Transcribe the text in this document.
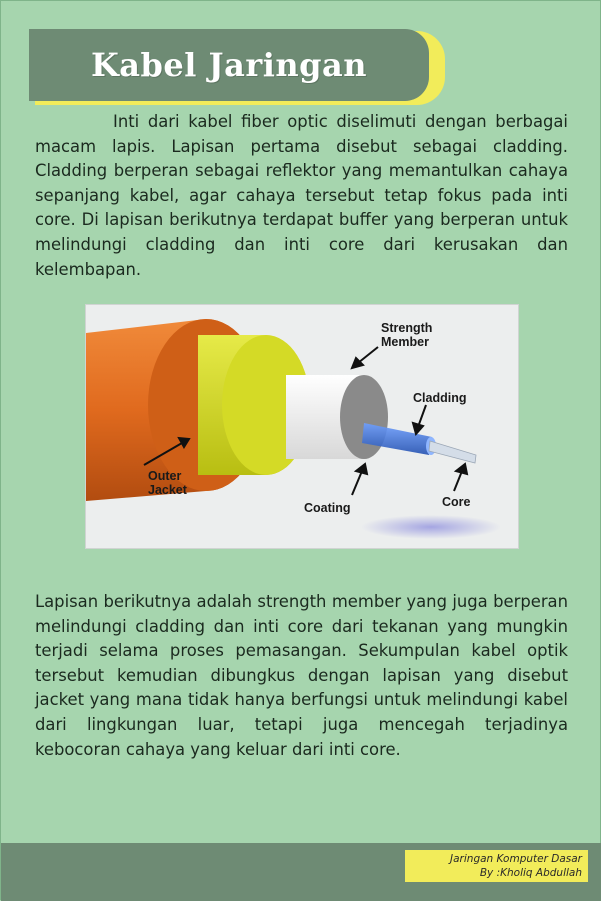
Kabel Jaringan

Inti dari kabel fiber optic diselimuti dengan berbagai macam lapis. Lapisan pertama disebut sebagai cladding. Cladding berperan sebagai reflektor yang memantulkan cahaya sepanjang kabel, agar cahaya tersebut tetap fokus pada inti core. Di lapisan berikutnya terdapat buffer yang berperan untuk melindungi cladding dan inti core dari kerusakan dan kelembapan.

Strength
Member
Cladding
Outer
Jacket
Coating	Core

Lapisan berikutnya adalah strength member yang juga berperan melindungi cladding dan inti core dari tekanan yang mungkin terjadi selama proses pemasangan. Sekumpulan kabel optik tersebut kemudian dibungkus dengan lapisan yang disebut jacket yang mana tidak hanya berfungsi untuk melindungi kabel dari lingkungan luar, tetapi juga mencegah terjadinya kebocoran cahaya yang keluar dari inti core.

Jaringan Komputer Dasar
By :Kholiq Abdullah
